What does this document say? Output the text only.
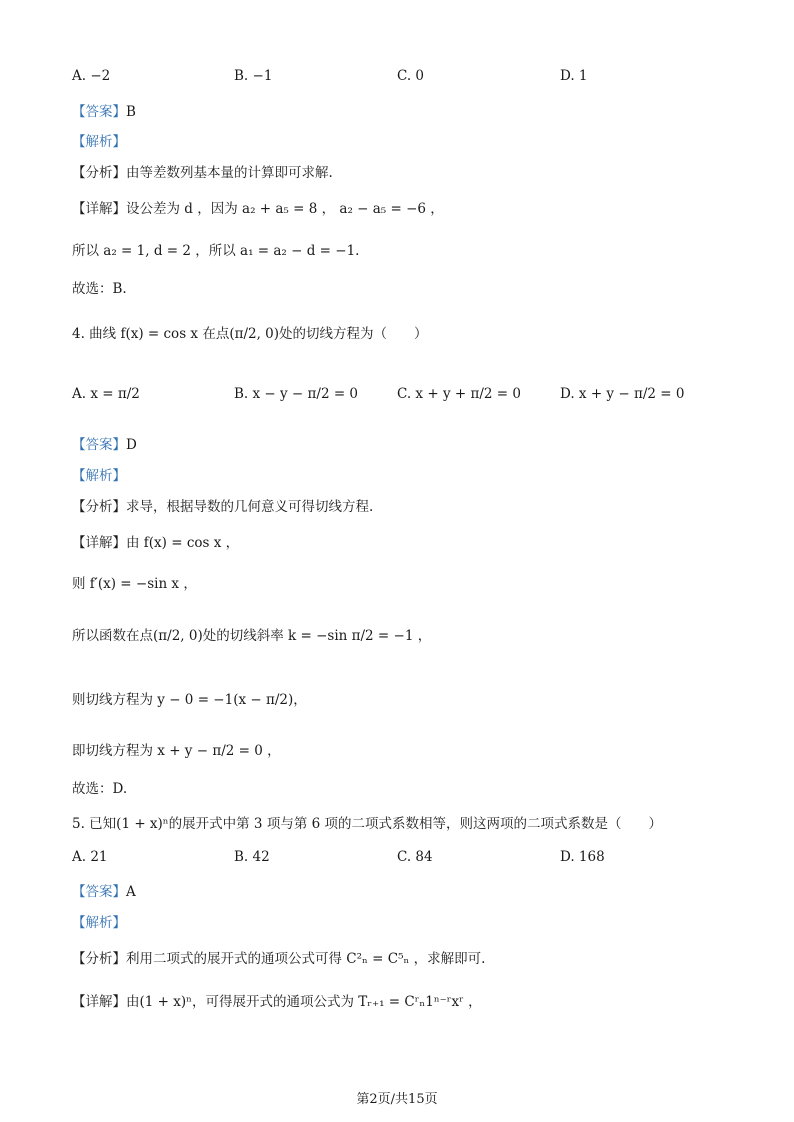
A. −2	B. −1	C. 0	D. 1
【答案】B
【解析】
【分析】由等差数列基本量的计算即可求解.
【详解】设公差为 d ，因为 a₂ + a₅ = 8 ， a₂ − a₅ = −6 ，
所以 a₂ = 1, d = 2 ，所以 a₁ = a₂ − d = −1.
故选：B.
4. 曲线 f(x) = cos x 在点(π/2, 0)处的切线方程为（　　）
A. x = π/2	B. x − y − π/2 = 0	C. x + y + π/2 = 0	D. x + y − π/2 = 0
【答案】D
【解析】
【分析】求导，根据导数的几何意义可得切线方程.
【详解】由 f(x) = cos x ，
则 f′(x) = −sin x ，
所以函数在点(π/2, 0)处的切线斜率 k = −sin π/2 = −1 ，
则切线方程为 y − 0 = −1(x − π/2)，
即切线方程为 x + y − π/2 = 0 ，
故选：D.
5. 已知(1 + x)ⁿ的展开式中第 3 项与第 6 项的二项式系数相等，则这两项的二项式系数是（　　）
A. 21	B. 42	C. 84	D. 168
【答案】A
【解析】
【分析】利用二项式的展开式的通项公式可得 C²ₙ = C⁵ₙ ，求解即可.
【详解】由(1 + x)ⁿ，可得展开式的通项公式为 Tᵣ₊₁ = Cʳₙ1ⁿ⁻ʳxʳ ，
第2页/共15页
